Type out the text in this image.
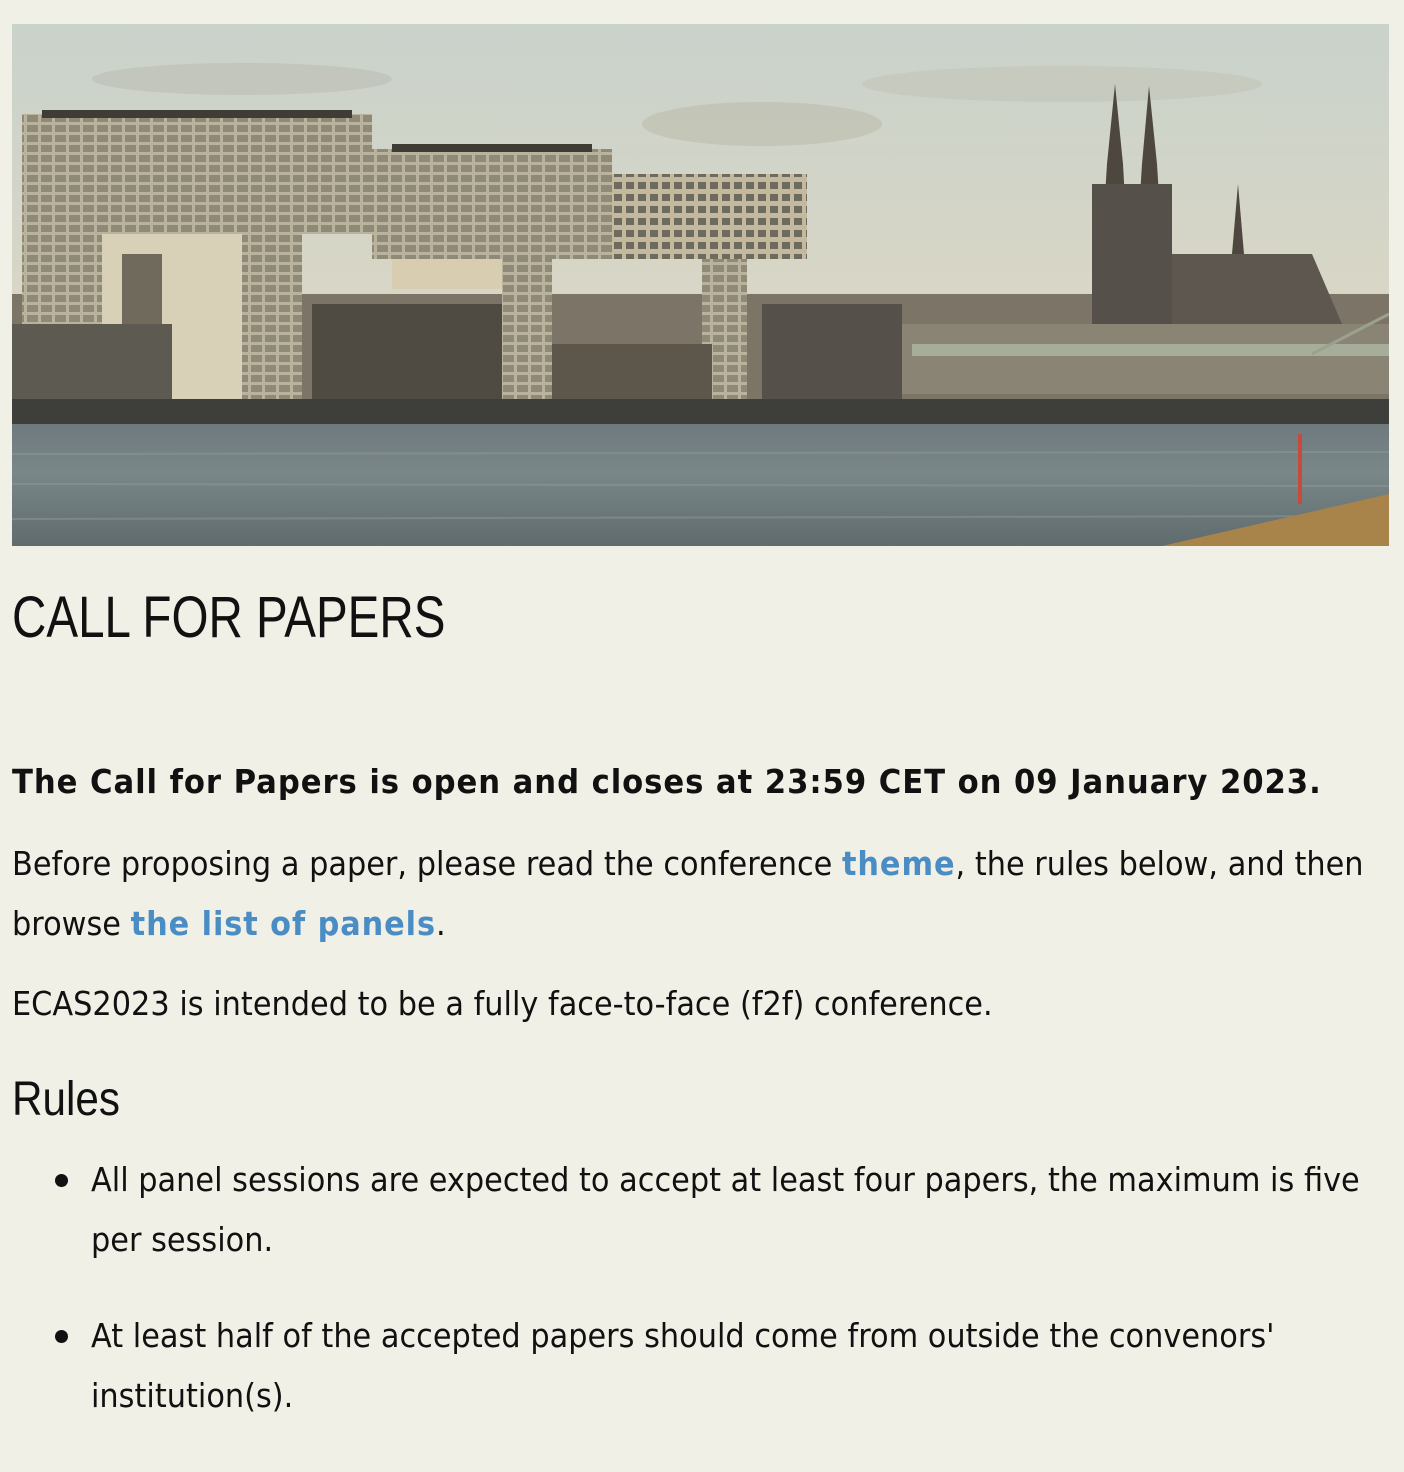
CALL FOR PAPERS

The Call for Papers is open and closes at 23:59 CET on 09 January 2023.

Before proposing a paper, please read the conference theme, the rules below, and then browse the list of panels.

ECAS2023 is intended to be a fully face-to-face (f2f) conference.

Rules
All panel sessions are expected to accept at least four papers, the maximum is five per session.
At least half of the accepted papers should come from outside the convenors' institution(s).
